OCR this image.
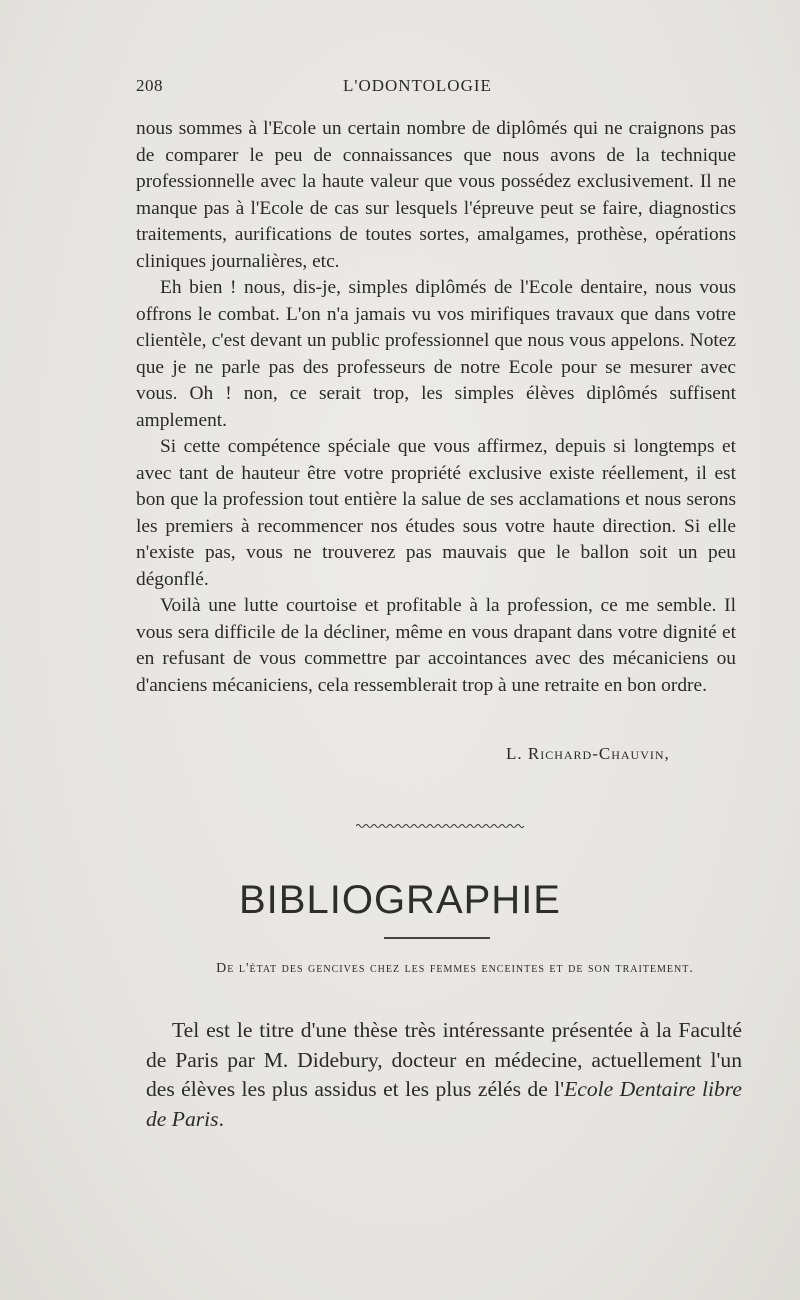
208	L'ODONTOLOGIE

nous sommes à l'Ecole un certain nombre de diplômés qui ne craignons pas de comparer le peu de connaissances que nous avons de la technique professionnelle avec la haute valeur que vous possédez exclusivement. Il ne manque pas à l'Ecole de cas sur lesquels l'épreuve peut se faire, diagnostics traitements, aurifications de toutes sortes, amalgames, prothèse, opérations cliniques journalières, etc.

Eh bien ! nous, dis-je, simples diplômés de l'Ecole dentaire, nous vous offrons le combat. L'on n'a jamais vu vos mirifiques travaux que dans votre clientèle, c'est devant un public professionnel que nous vous appelons. Notez que je ne parle pas des professeurs de notre Ecole pour se mesurer avec vous. Oh ! non, ce serait trop, les simples élèves diplômés suffisent amplement.

Si cette compétence spéciale que vous affirmez, depuis si longtemps et avec tant de hauteur être votre propriété exclusive existe réellement, il est bon que la profession tout entière la salue de ses acclamations et nous serons les premiers à recommencer nos études sous votre haute direction. Si elle n'existe pas, vous ne trouverez pas mauvais que le ballon soit un peu dégonflé.

Voilà une lutte courtoise et profitable à la profession, ce me semble. Il vous sera difficile de la décliner, même en vous drapant dans votre dignité et en refusant de vous commettre par accointances avec des mécaniciens ou d'anciens mécaniciens, cela ressemblerait trop à une retraite en bon ordre.

L. Richard-Chauvin,
BIBLIOGRAPHIE
De l'état des gencives chez les femmes enceintes et de son traitement.

Tel est le titre d'une thèse très intéressante présentée à la Faculté de Paris par M. Didebury, docteur en médecine, actuellement l'un des élèves les plus assidus et les plus zélés de l'Ecole Dentaire libre de Paris.
